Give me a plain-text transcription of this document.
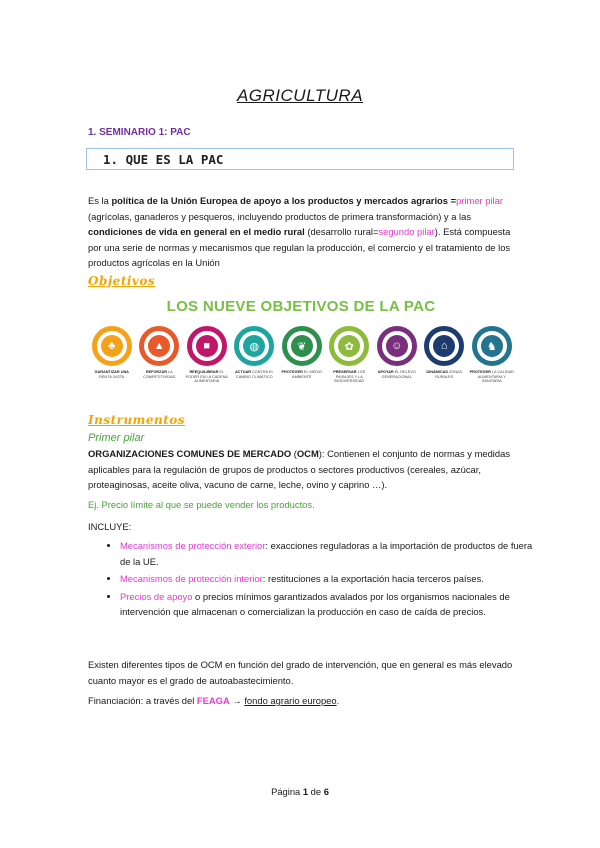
AGRICULTURA
1. SEMINARIO 1: PAC
1. QUE ES LA PAC
Es la política de la Unión Europea de apoyo a los productos y mercados agrarios =primer pilar (agrícolas, ganaderos y pesqueros, incluyendo productos de primera transformación) y a las condiciones de vida en general en el medio rural (desarrollo rural=segundo pilar). Está compuesta por una serie de normas y mecanismos que regulan la producción, el comercio y el tratamiento de los productos agrícolas en la Unión
Objetivos
LOS NUEVE OBJETIVOS DE LA PAC
♣
GARANTIZAR UNA RENTA JUSTA
▲
REFORZAR LA COMPETITIVIDAD
■
REEQUILIBRAR EL PODER EN LA CADENA ALIMENTARIA
◍
ACTUAR CONTRA EL CAMBIO CLIMÁTICO
❦
PROTEGER EL MEDIO AMBIENTE
✿
PRESERVAR LOS PAISAJES Y LA BIODIVERSIDAD
☺
APOYAR EL RELEVO GENERACIONAL
⌂
DINÁMICAS ZONAS RURALES
♞
PROTEGER LA CALIDAD ALIMENTARIA Y SANITARIA
Instrumentos
Primer pilar
ORGANIZACIONES COMUNES DE MERCADO (OCM): Contienen el conjunto de normas y medidas aplicables para la regulación de grupos de productos o sectores productivos (cereales, azúcar, proteaginosas, aceite oliva, vacuno de carne, leche, ovino y caprino …).
Ej. Precio límite al que se puede vender los productos.
INCLUYE:
• Mecanismos de protección exterior: exacciones reguladoras a la importación de productos de fuera de la UE.
• Mecanismos de protección interior: restituciones a la exportación hacia terceros países.
• Precios de apoyo o precios mínimos garantizados avalados por los organismos nacionales de intervención que almacenan o comercializan la producción en caso de caída de precios.
Existen diferentes tipos de OCM en función del grado de intervención, que en general es más elevado cuanto mayor es el grado de autoabastecimiento.
Financiación: a través del FEAGA → fondo agrario europeo.
Página 1 de 6
